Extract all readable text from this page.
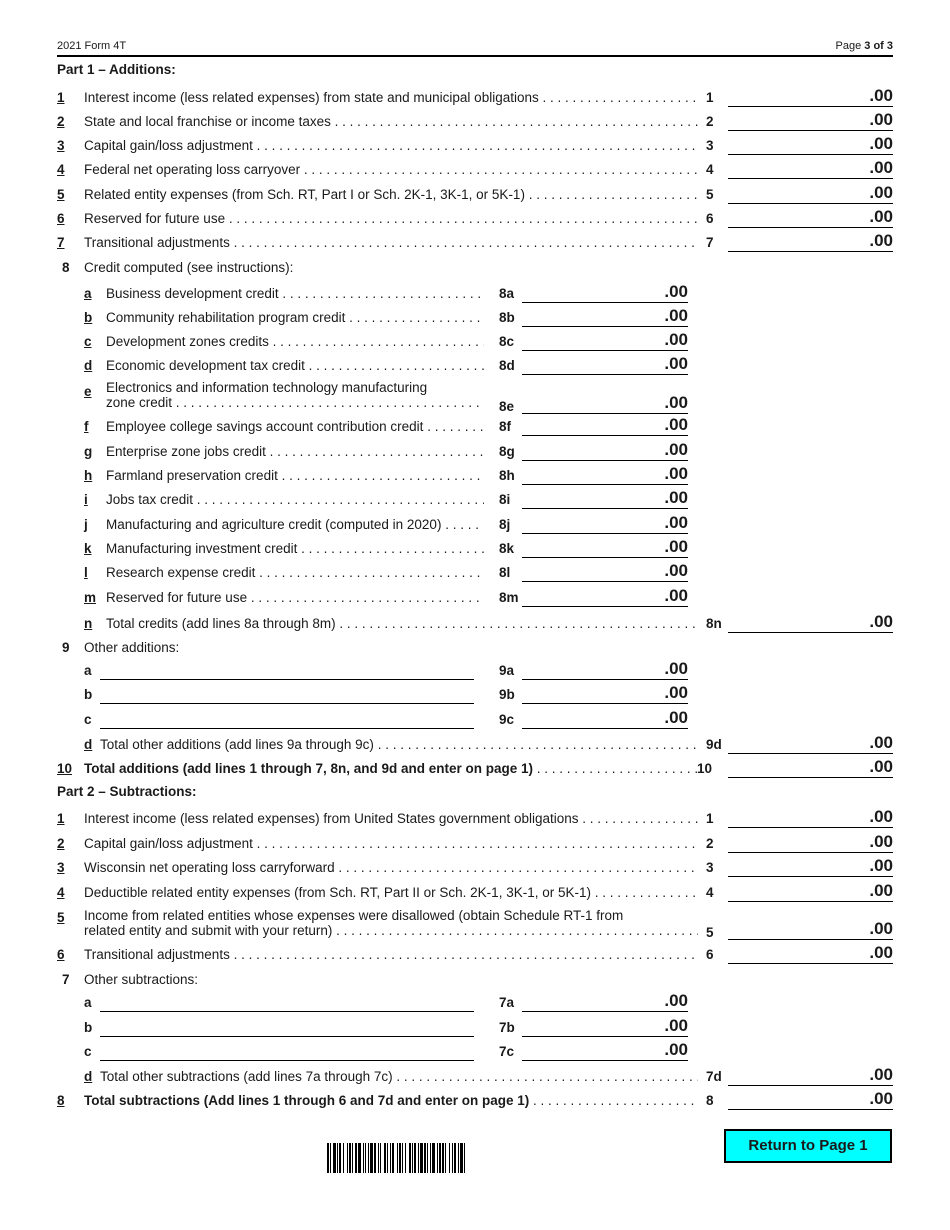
2021 Form 4T	Page 3 of 3
Part 1 – Additions:
1	Interest income (less related expenses) from state and municipal obligations . . .	1	.00
2	State and local franchise or income taxes . . .	2	.00
3	Capital gain/loss adjustment . . .	3	.00
4	Federal net operating loss carryover . . .	4	.00
5	Related entity expenses (from Sch. RT, Part I or Sch. 2K-1, 3K-1, or 5K-1) . . .	5	.00
6	Reserved for future use . . .	6	.00
7	Transitional adjustments . . .	7	.00
8	Credit computed (see instructions):
a Business development credit . . .	8a	.00
b Community rehabilitation program credit . . .	8b	.00
c Development zones credits . . .	8c	.00
d Economic development tax credit . . .	8d	.00
e Electronics and information technology manufacturing
zone credit . . .	8e	.00
f Employee college savings account contribution credit . . .	8f	.00
g Enterprise zone jobs credit . . .	8g	.00
h Farmland preservation credit . . .	8h	.00
i Jobs tax credit . . .	8i	.00
j Manufacturing and agriculture credit (computed in 2020) . . .	8j	.00
k Manufacturing investment credit . . .	8k	.00
l Research expense credit . . .	8l	.00
m Reserved for future use . . .	8m	.00
n Total credits (add lines 8a through 8m) . . .	8n	.00
9	Other additions:
a	9a	.00
b	9b	.00
c	9c	.00
d Total other additions (add lines 9a through 9c) . . .	9d	.00
10 Total additions (add lines 1 through 7, 8n, and 9d and enter on page 1) . . .	10	.00
Part 2 – Subtractions:
1	Interest income (less related expenses) from United States government obligations . . .	1	.00
2	Capital gain/loss adjustment . . .	2	.00
3	Wisconsin net operating loss carryforward . . .	3	.00
4	Deductible related entity expenses (from Sch. RT, Part II or Sch. 2K-1, 3K-1, or 5K-1) . . .	4	.00
5	Income from related entities whose expenses were disallowed (obtain Schedule RT-1 from
related entity and submit with your return) . . .	5	.00
6	Transitional adjustments . . .	6	.00
7	Other subtractions:
a	7a	.00
b	7b	.00
c	7c	.00
d Total other subtractions (add lines 7a through 7c) . . .	7d	.00
8	Total subtractions (Add lines 1 through 6 and 7d and enter on page 1) . . .	8	.00
Return to Page 1
